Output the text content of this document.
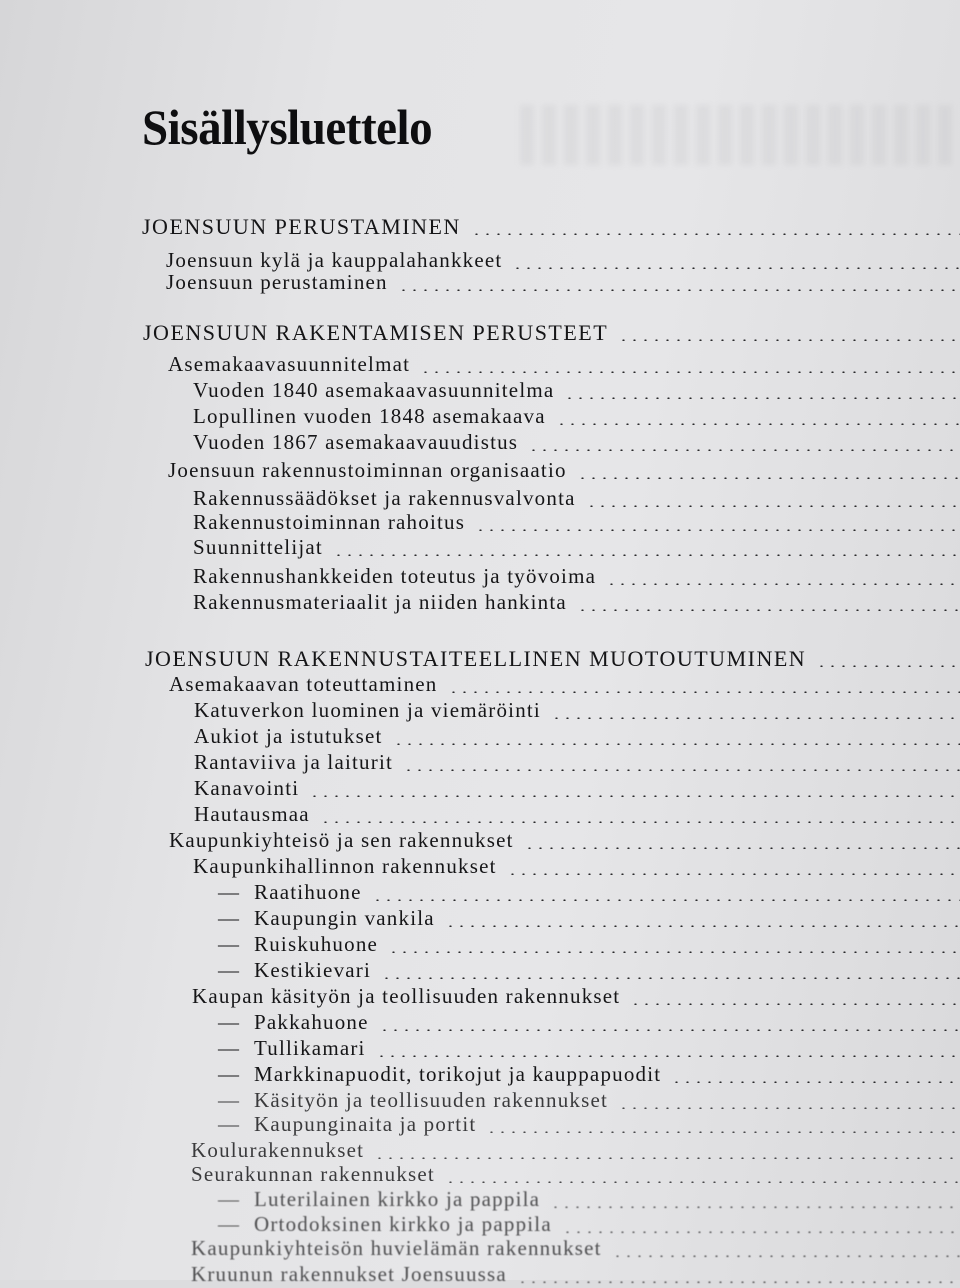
Sisällysluettelo
JOENSUUN PERUSTAMINEN
Joensuun kylä ja kauppalahankkeet
Joensuun perustaminen
JOENSUUN RAKENTAMISEN PERUSTEET
Asemakaavasuunnitelmat
Vuoden 1840 asemakaavasuunnitelma
Lopullinen vuoden 1848 asemakaava
Vuoden 1867 asemakaavauudistus
Joensuun rakennustoiminnan organisaatio
Rakennussäädökset ja rakennusvalvonta
Rakennustoiminnan rahoitus
Suunnittelijat
Rakennushankkeiden toteutus ja työvoima
Rakennusmateriaalit ja niiden hankinta
JOENSUUN RAKENNUSTAITEELLINEN MUOTOUTUMINEN
Asemakaavan toteuttaminen
Katuverkon luominen ja viemäröinti
Aukiot ja istutukset
Rantaviiva ja laiturit
Kanavointi
Hautausmaa
Kaupunkiyhteisö ja sen rakennukset
Kaupunkihallinnon rakennukset
— Raatihuone
— Kaupungin vankila
— Ruiskuhuone
— Kestikievari
Kaupan käsityön ja teollisuuden rakennukset
— Pakkahuone
— Tullikamari
— Markkinapuodit, torikojut ja kauppapuodit
— Käsityön ja teollisuuden rakennukset
— Kaupunginaita ja portit
Koulurakennukset
Seurakunnan rakennukset
— Luterilainen kirkko ja pappila
— Ortodoksinen kirkko ja pappila
Kaupunkiyhteisön huvielämän rakennukset
Kruunun rakennukset Joensuussa
